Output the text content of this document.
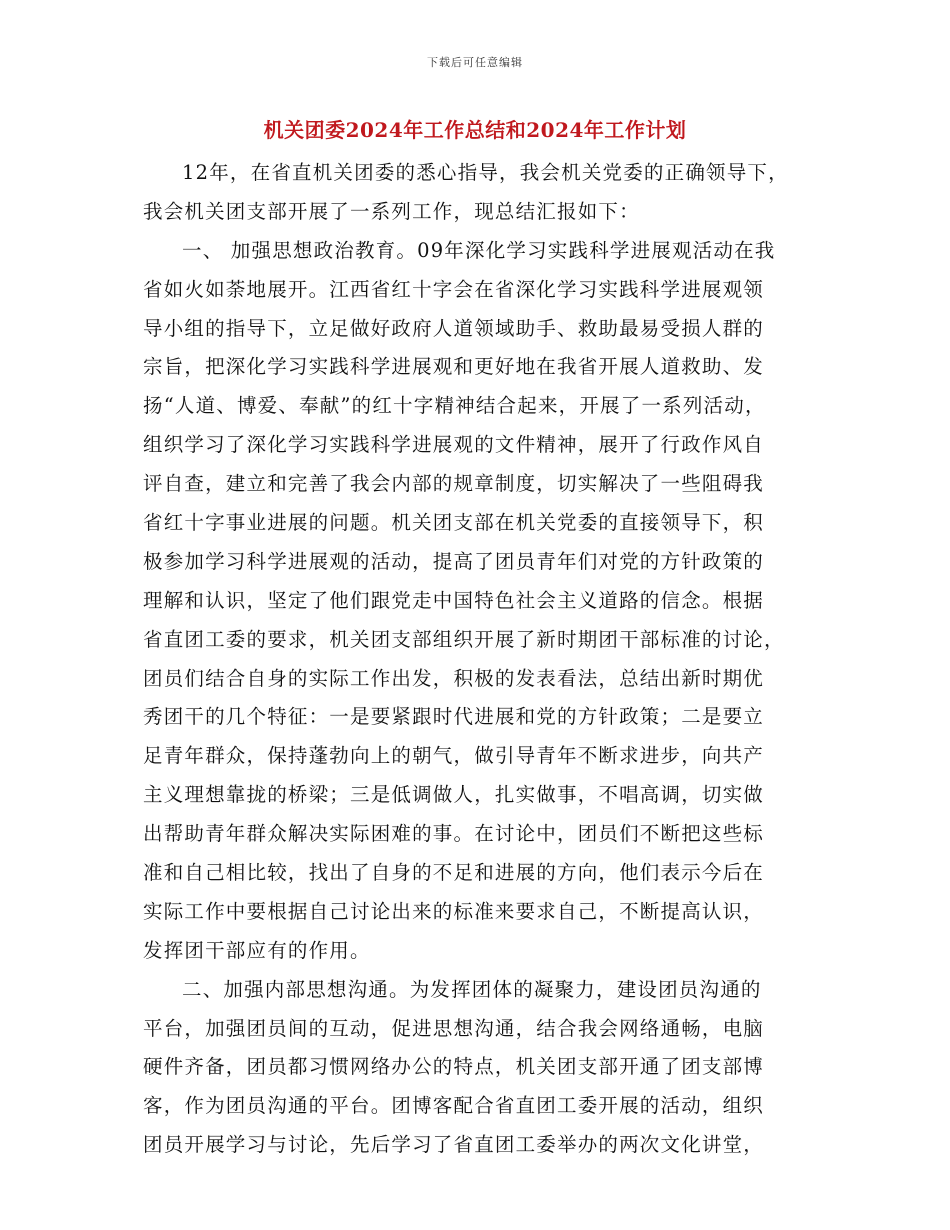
下载后可任意编辑
机关团委2024年工作总结和2024年工作计划
12年，在省直机关团委的悉心指导，我会机关党委的正确领导下，
我会机关团支部开展了一系列工作，现总结汇报如下：
一、 加强思想政治教育。09年深化学习实践科学进展观活动在我
省如火如荼地展开。江西省红十字会在省深化学习实践科学进展观领
导小组的指导下，立足做好政府人道领域助手、救助最易受损人群的
宗旨，把深化学习实践科学进展观和更好地在我省开展人道救助、发
扬“人道、博爱、奉献”的红十字精神结合起来，开展了一系列活动，
组织学习了深化学习实践科学进展观的文件精神，展开了行政作风自
评自查，建立和完善了我会内部的规章制度，切实解决了一些阻碍我
省红十字事业进展的问题。机关团支部在机关党委的直接领导下，积
极参加学习科学进展观的活动，提高了团员青年们对党的方针政策的
理解和认识，坚定了他们跟党走中国特色社会主义道路的信念。根据
省直团工委的要求，机关团支部组织开展了新时期团干部标准的讨论，
团员们结合自身的实际工作出发，积极的发表看法，总结出新时期优
秀团干的几个特征：一是要紧跟时代进展和党的方针政策；二是要立
足青年群众，保持蓬勃向上的朝气，做引导青年不断求进步，向共产
主义理想靠拢的桥梁；三是低调做人，扎实做事，不唱高调，切实做
出帮助青年群众解决实际困难的事。在讨论中，团员们不断把这些标
准和自己相比较，找出了自身的不足和进展的方向，他们表示今后在
实际工作中要根据自己讨论出来的标准来要求自己，不断提高认识，
发挥团干部应有的作用。
二、加强内部思想沟通。为发挥团体的凝聚力，建设团员沟通的
平台，加强团员间的互动，促进思想沟通，结合我会网络通畅，电脑
硬件齐备，团员都习惯网络办公的特点，机关团支部开通了团支部博
客，作为团员沟通的平台。团博客配合省直团工委开展的活动，组织
团员开展学习与讨论，先后学习了省直团工委举办的两次文化讲堂，
